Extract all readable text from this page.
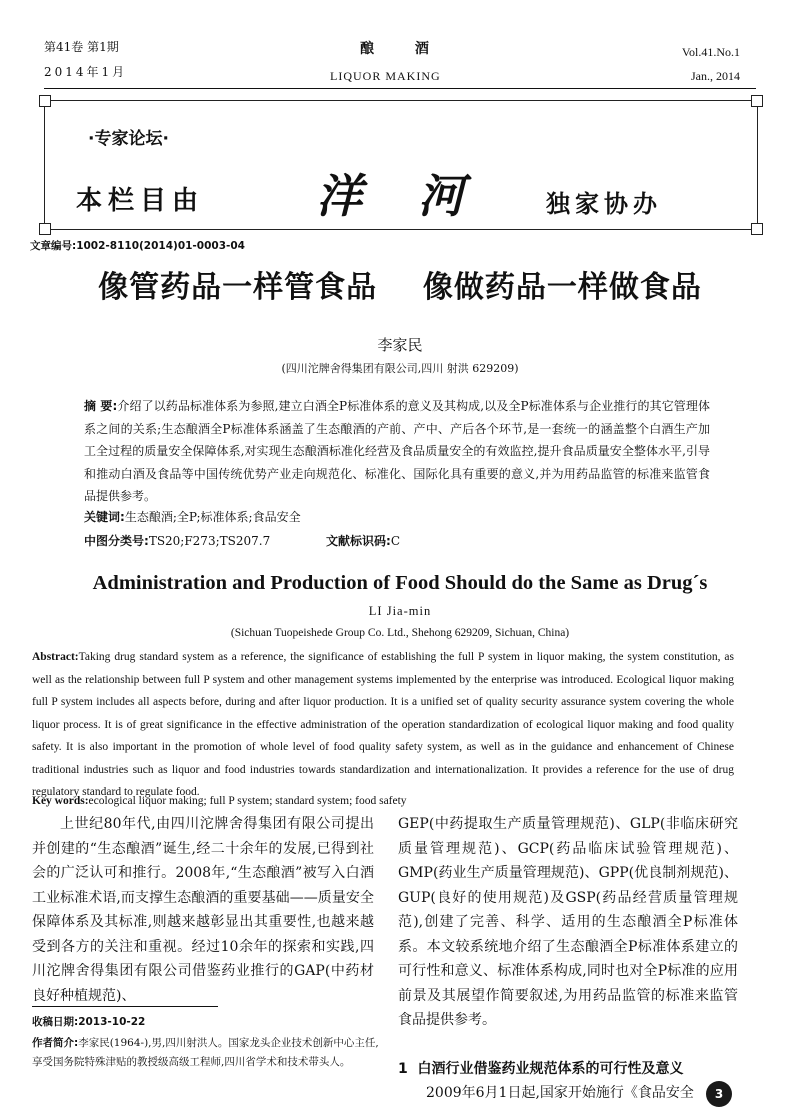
第41卷 第1期
2014年1月
酿 酒
LIQUOR MAKING
Vol.41.No.1
Jan., 2014
·专家论坛·
本栏目由 洋河 独家协办
文章编号:1002-8110(2014)01-0003-04
像管药品一样管食品    像做药品一样做食品
李家民
(四川沱牌舍得集团有限公司,四川 射洪 629209)
摘 要:介绍了以药品标准体系为参照,建立白酒全P标准体系的意义及其构成,以及全P标准体系与企业推行的其它管理体系之间的关系;生态酿酒全P标准体系涵盖了生态酿酒的产前、产中、产后各个环节,是一套统一的涵盖整个白酒生产加工全过程的质量安全保障体系,对实现生态酿酒标准化经营及食品质量安全的有效监控,提升食品质量安全整体水平,引导和推动白酒及食品等中国传统优势产业走向规范化、标准化、国际化具有重要的意义,并为用药品监管的标准来监管食品提供参考。
关键词:生态酿酒;全P;标准体系;食品安全
中图分类号:TS20;F273;TS207.7	文献标识码:C
Administration and Production of Food Should do the Same as Drug´s
LI Jia-min
(Sichuan Tuopeishede Group Co. Ltd., Shehong 629209, Sichuan, China)
Abstract:Taking drug standard system as a reference, the significance of establishing the full P system in liquor making, the system constitution, as well as the relationship between full P system and other management systems implemented by the enterprise was introduced. Ecological liquor making full P system includes all aspects before, during and after liquor production. It is a unified set of quality security assurance system covering the whole liquor process. It is of great significance in the effective administration of the operation standardization of ecological liquor making and food quality safety. It is also important in the promotion of whole level of food quality safety system, as well as in the guidance and enhancement of Chinese traditional industries such as liquor and food industries towards standardization and internationalization. It provides a reference for the use of drug regulatory standard to regulate food.
Key words:ecological liquor making; full P system; standard system; food safety
上世纪80年代,由四川沱牌舍得集团有限公司提出并创建的“生态酿酒”诞生,经二十余年的发展,已得到社会的广泛认可和推行。2008年,“生态酿酒”被写入白酒工业标准术语,而支撑生态酿酒的重要基础——质量安全保障体系及其标准,则越来越彰显出其重要性,也越来越受到各方的关注和重视。经过10余年的探索和实践,四川沱牌舍得集团有限公司借鉴药业推行的GAP(中药材良好种植规范)、
GEP(中药提取生产质量管理规范)、GLP(非临床研究质量管理规范)、GCP(药品临床试验管理规范)、GMP(药业生产质量管理规范)、GPP(优良制剂规范)、GUP(良好的使用规范)及GSP(药品经营质量管理规范),创建了完善、科学、适用的生态酿酒全P标准体系。本文较系统地介绍了生态酿酒全P标准体系建立的可行性和意义、标准体系构成,同时也对全P标准的应用前景及其展望作简要叙述,为用药品监管的标准来监管食品提供参考。
收稿日期:2013-10-22
作者简介:李家民(1964-),男,四川射洪人。国家龙头企业技术创新中心主任,享受国务院特殊津贴的教授级高级工程师,四川省学术和技术带头人。	1  白酒行业借鉴药业规范体系的可行性及意义
2009年6月1日起,国家开始施行《食品安全	3
